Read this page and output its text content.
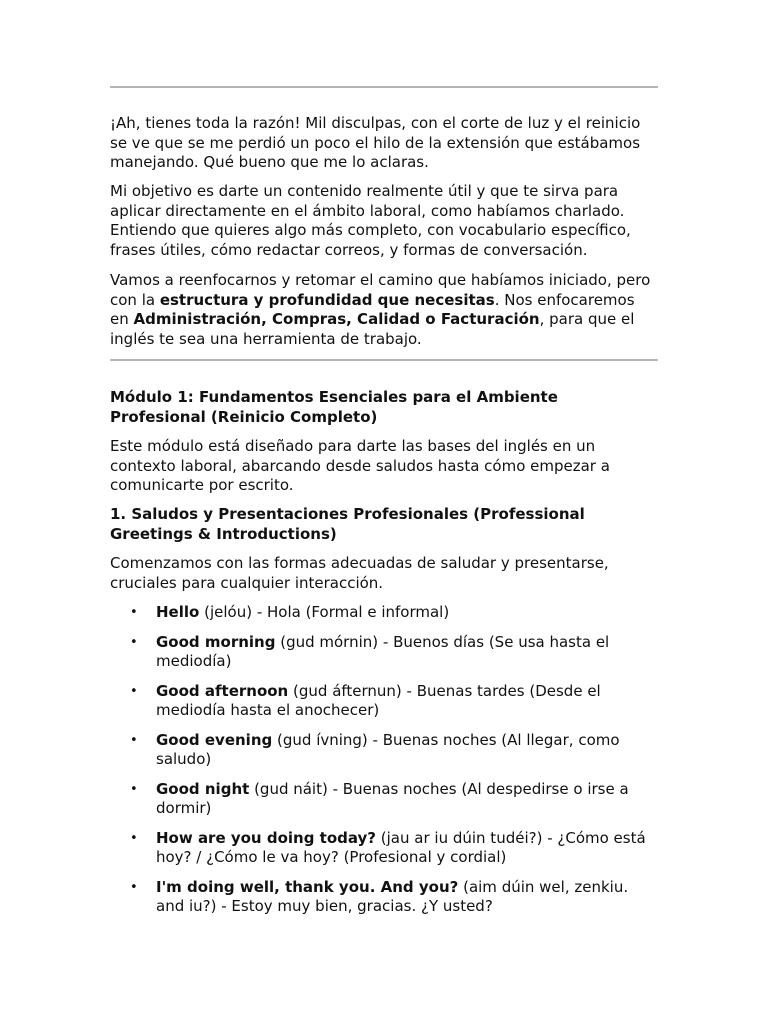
¡Ah, tienes toda la razón! Mil disculpas, con el corte de luz y el reinicio se ve que se me perdió un poco el hilo de la extensión que estábamos manejando. Qué bueno que me lo aclaras.

Mi objetivo es darte un contenido realmente útil y que te sirva para aplicar directamente en el ámbito laboral, como habíamos charlado. Entiendo que quieres algo más completo, con vocabulario específico, frases útiles, cómo redactar correos, y formas de conversación.

Vamos a reenfocarnos y retomar el camino que habíamos iniciado, pero con la estructura y profundidad que necesitas. Nos enfocaremos en Administración, Compras, Calidad o Facturación, para que el inglés te sea una herramienta de trabajo.

Módulo 1: Fundamentos Esenciales para el Ambiente Profesional (Reinicio Completo)

Este módulo está diseñado para darte las bases del inglés en un contexto laboral, abarcando desde saludos hasta cómo empezar a comunicarte por escrito.

1. Saludos y Presentaciones Profesionales (Professional Greetings & Introductions)

Comenzamos con las formas adecuadas de saludar y presentarse, cruciales para cualquier interacción.

• Hello (jelóu) - Hola (Formal e informal)
• Good morning (gud mórnin) - Buenos días (Se usa hasta el mediodía)
• Good afternoon (gud áfternun) - Buenas tardes (Desde el mediodía hasta el anochecer)
• Good evening (gud ívning) - Buenas noches (Al llegar, como saludo)
• Good night (gud náit) - Buenas noches (Al despedirse o irse a dormir)
• How are you doing today? (jau ar iu dúin tudéi?) - ¿Cómo está hoy? / ¿Cómo le va hoy? (Profesional y cordial)
• I'm doing well, thank you. And you? (aim dúin wel, zenkiu. and iu?) - Estoy muy bien, gracias. ¿Y usted?
